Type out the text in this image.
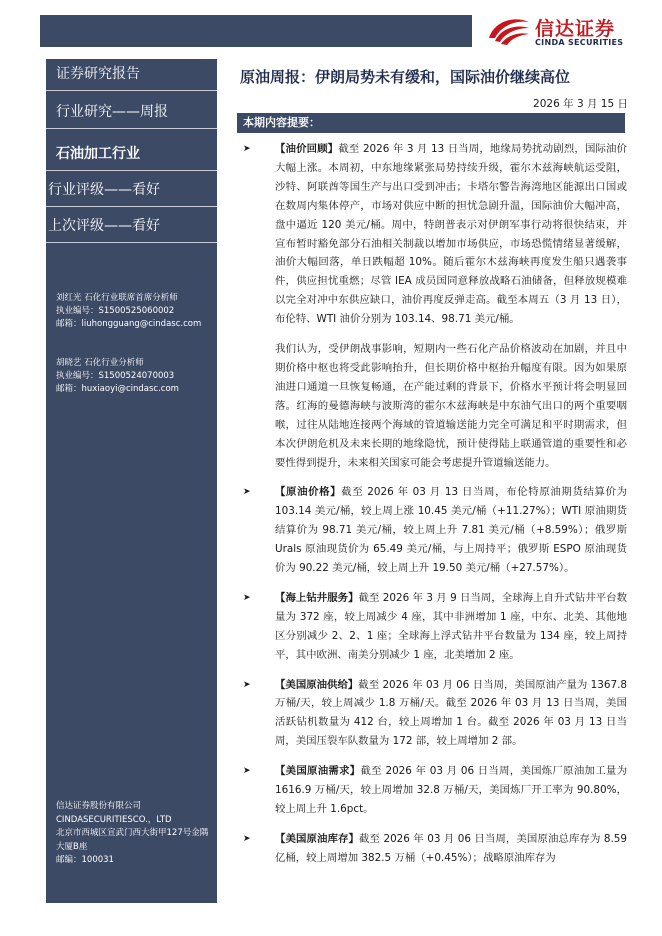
信达证券
CINDA SECURITIES
证券研究报告
行业研究——周报
石油加工行业
行业评级——看好
上次评级——看好
刘红光 石化行业联席首席分析师
执业编号：S1500525060002
邮箱：liuhongguang@cindasc.com
胡晓艺 石化行业分析师
执业编号：S1500524070003
邮箱：huxiaoyi@cindasc.com
信达证券股份有限公司
CINDASECURITIESCO.，LTD
北京市西城区宣武门西大街甲127号金隅大厦B座
邮编：100031
原油周报：伊朗局势未有缓和，国际油价继续高位
2026 年 3 月 15 日
本期内容提要：
➤ 【油价回顾】截至 2026 年 3 月 13 日当周，地缘局势扰动剧烈，国际油价大幅上涨。本周初，中东地缘紧张局势持续升级，霍尔木兹海峡航运受阻，沙特、阿联酋等国生产与出口受到冲击；卡塔尔警告海湾地区能源出口国或在数周内集体停产，市场对供应中断的担忧急剧升温，国际油价大幅冲高，盘中逼近 120 美元/桶。周中，特朗普表示对伊朗军事行动将很快结束，并宣布暂时豁免部分石油相关制裁以增加市场供应，市场恐慌情绪显著缓解，油价大幅回落，单日跌幅超 10%。随后霍尔木兹海峡再度发生船只遇袭事件，供应担忧重燃；尽管 IEA 成员国同意释放战略石油储备，但释放规模难以完全对冲中东供应缺口，油价再度反弹走高。截至本周五（3 月 13 日），布伦特、WTI 油价分别为 103.14、98.71 美元/桶。
我们认为，受伊朗战事影响，短期内一些石化产品价格波动在加剧，并且中期价格中枢也将受此影响抬升，但长期价格中枢抬升幅度有限。因为如果原油进口通道一旦恢复畅通，在产能过剩的背景下，价格水平预计将会明显回落。红海的曼德海峡与波斯湾的霍尔木兹海峡是中东油气出口的两个重要咽喉，过往从陆地连接两个海域的管道输送能力完全可满足和平时期需求，但本次伊朗危机及未来长期的地缘隐忧，预计使得陆上联通管道的重要性和必要性得到提升，未来相关国家可能会考虑提升管道输送能力。
➤ 【原油价格】截至 2026 年 03 月 13 日当周，布伦特原油期货结算价为 103.14 美元/桶，较上周上涨 10.45 美元/桶（+11.27%）；WTI 原油期货结算价为 98.71 美元/桶，较上周上升 7.81 美元/桶（+8.59%）；俄罗斯 Urals 原油现货价为 65.49 美元/桶，与上周持平；俄罗斯 ESPO 原油现货价为 90.22 美元/桶，较上周上升 19.50 美元/桶（+27.57%）。
➤ 【海上钻井服务】截至 2026 年 3 月 9 日当周，全球海上自升式钻井平台数量为 372 座，较上周减少 4 座，其中非洲增加 1 座，中东、北美、其他地区分别减少 2、2、1 座；全球海上浮式钻井平台数量为 134 座，较上周持平，其中欧洲、南美分别减少 1 座，北美增加 2 座。
➤ 【美国原油供给】截至 2026 年 03 月 06 日当周，美国原油产量为 1367.8 万桶/天，较上周减少 1.8 万桶/天。截至 2026 年 03 月 13 日当周，美国活跃钻机数量为 412 台，较上周增加 1 台。截至 2026 年 03 月 13 日当周，美国压裂车队数量为 172 部，较上周增加 2 部。
➤ 【美国原油需求】截至 2026 年 03 月 06 日当周，美国炼厂原油加工量为 1616.9 万桶/天，较上周增加 32.8 万桶/天，美国炼厂开工率为 90.80%，较上周上升 1.6pct。
➤ 【美国原油库存】截至 2026 年 03 月 06 日当周，美国原油总库存为 8.59 亿桶，较上周增加 382.5 万桶（+0.45%）；战略原油库存为
